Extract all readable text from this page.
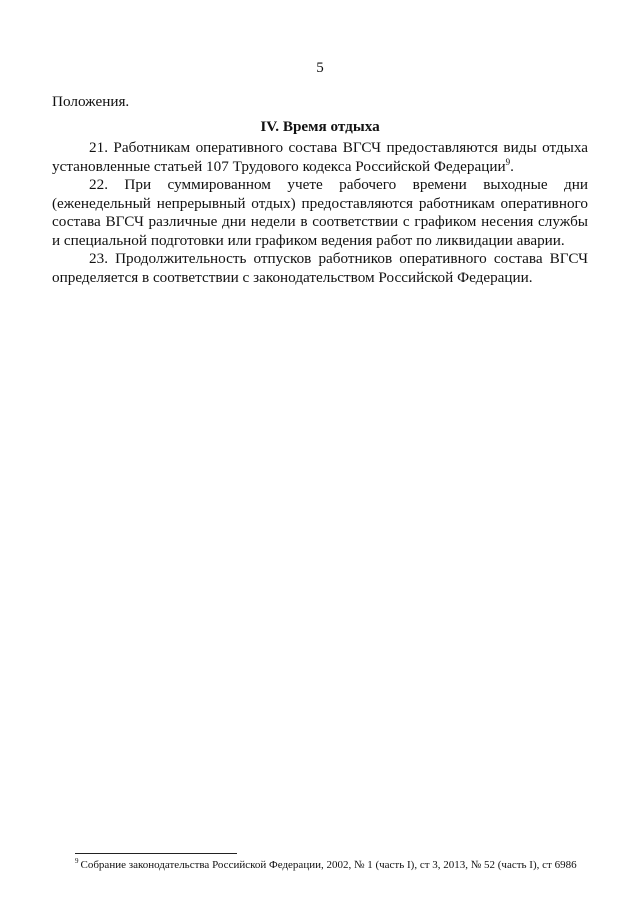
5
Положения.
IV. Время отдыха

21. Работникам оперативного состава ВГСЧ предоставляются виды отдыха установленные статьей 107 Трудового кодекса Российской Федерации$^9$.

22. При суммированном учете рабочего времени выходные дни (еженедельный непрерывный отдых) предоставляются работникам оперативного состава ВГСЧ различные дни недели в соответствии с графиком несения службы и специальной подготовки или графиком ведения работ по ликвидации аварии.

23. Продолжительность отпусков работников оперативного состава ВГСЧ определяется в соответствии с законодательством Российской Федерации.

$^9$ Собрание законодательства Российской Федерации, 2002, № 1 (часть I), ст 3, 2013, № 52 (часть I), ст 6986
